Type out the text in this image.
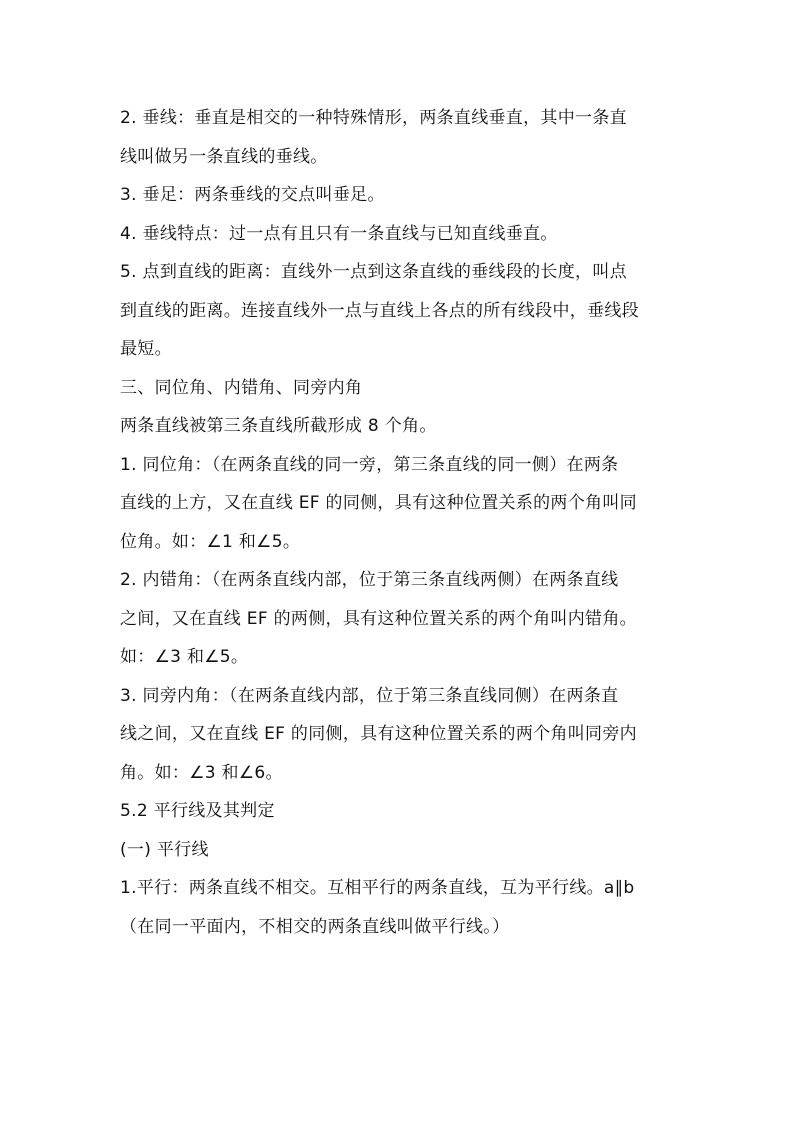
2. 垂线：垂直是相交的一种特殊情形，两条直线垂直，其中一条直
线叫做另一条直线的垂线。
3. 垂足：两条垂线的交点叫垂足。
4. 垂线特点：过一点有且只有一条直线与已知直线垂直。
5. 点到直线的距离：直线外一点到这条直线的垂线段的长度，叫点
到直线的距离。连接直线外一点与直线上各点的所有线段中，垂线段
最短。
三、同位角、内错角、同旁内角
两条直线被第三条直线所截形成 8 个角。
1. 同位角：（在两条直线的同一旁，第三条直线的同一侧）在两条
直线的上方，又在直线 EF 的同侧，具有这种位置关系的两个角叫同
位角。如：∠1 和∠5。
2. 内错角：（在两条直线内部，位于第三条直线两侧）在两条直线
之间，又在直线 EF 的两侧，具有这种位置关系的两个角叫内错角。
如：∠3 和∠5。
3. 同旁内角：（在两条直线内部，位于第三条直线同侧）在两条直
线之间，又在直线 EF 的同侧，具有这种位置关系的两个角叫同旁内
角。如：∠3 和∠6。
5.2 平行线及其判定
(一) 平行线
1.平行：两条直线不相交。互相平行的两条直线，互为平行线。a∥b
（在同一平面内，不相交的两条直线叫做平行线。）
